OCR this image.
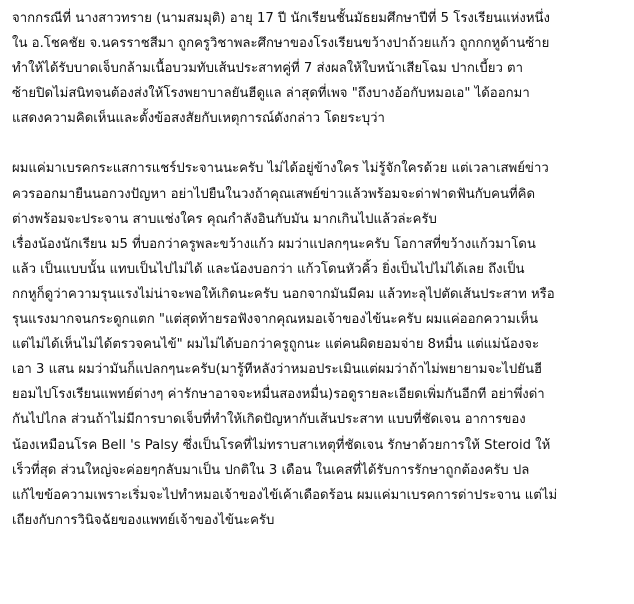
จากกรณีที่ นางสาวทราย (นามสมมุติ) อายุ 17 ปี นักเรียนชั้นมัธยมศึกษาปีที่ 5 โรงเรียนแห่งหนึ่ง
ใน อ.โชคชัย จ.นครราชสีมา ถูกครูวิชาพละศึกษาของโรงเรียนขว้างปาถ้วยแก้ว ถูกกกหูด้านซ้าย
ทำให้ได้รับบาดเจ็บกล้ามเนื้อบวมทับเส้นประสาทคู่ที่ 7 ส่งผลให้ใบหน้าเสียโฉม ปากเบี้ยว ตา
ซ้ายปิดไม่สนิทจนต้องส่งให้โรงพยาบาลยันฮีดูแล ล่าสุดที่เพจ "ถึงบางอ้อกับหมอเอ" ได้ออกมา
แสดงความคิดเห็นและตั้งข้อสงสัยกับเหตุการณ์ดังกล่าว โดยระบุว่า
ผมแค่มาเบรคกระแสการแชร์ประจานนะครับ ไม่ได้อยู่ข้างใคร ไม่รู้จักใครด้วย แต่เวลาเสพย์ข่าว
ควรออกมายืนนอกวงปัญหา อย่าไปยืนในวงถ้าคุณเสพย์ข่าวแล้วพร้อมจะด่าฟาดฟันกับคนที่คิด
ต่างพร้อมจะประจาน สาบแช่งใคร คุณกำลังอินกับมัน มากเกินไปแล้วล่ะครับ
เรื่องน้องนักเรียน ม5 ที่บอกว่าครูพละขว้างแก้ว ผมว่าแปลกๆนะครับ โอกาสที่ขว้างแก้วมาโดน
แล้ว เป็นแบบนั้น แทบเป็นไปไม่ได้ และน้องบอกว่า แก้วโดนหัวคิ้ว ยิ่งเป็นไปไม่ได้เลย ถึงเป็น
กกหูก็ดูว่าความรุนแรงไม่น่าจะพอให้เกิดนะครับ นอกจากมันมีคม แล้วทะลุไปตัดเส้นประสาท หรือ
รุนแรงมากจนกระดูกแตก "แต่สุดท้ายรอฟังจากคุณหมอเจ้าของไข้นะครับ ผมแค่ออกความเห็น
แต่ไม่ได้เห็นไม่ได้ตรวจคนไข้" ผมไม่ได้บอกว่าครูถูกนะ แต่คนผิดยอมจ่าย 8หมื่น แต่แม่น้องจะ
เอา 3 แสน ผมว่ามันก็แปลกๆนะครับ(มารู้ทีหลังว่าหมอประเมินแต่ผมว่าถ้าไม่พยายามจะไปยันฮี
ยอมไปโรงเรียนแพทย์ต่างๆ ค่ารักษาอาจจะหมื่นสองหมื่น)รอดูรายละเอียดเพิ่มกันอีกที อย่าพึ่งด่า
กันไปไกล ส่วนถ้าไม่มีการบาดเจ็บที่ทำให้เกิดปัญหากับเส้นประสาท แบบที่ชัดเจน อาการของ
น้องเหมือนโรค Bell 's Palsy ซึ่งเป็นโรคที่ไม่ทราบสาเหตุที่ชัดเจน รักษาด้วยการให้ Steroid ให้
เร็วที่สุด ส่วนใหญ่จะค่อยๆกลับมาเป็น ปกติใน 3 เดือน ในเคสที่ได้รับการรักษาถูกต้องครับ ปล
แก้ไขข้อความเพราะเริ่มจะไปทำหมอเจ้าของไข้เค้าเดือดร้อน ผมแค่มาเบรคการด่าประจาน แต่ไม่
เถียงกับการวินิจฉัยของแพทย์เจ้าของไข้นะครับ
